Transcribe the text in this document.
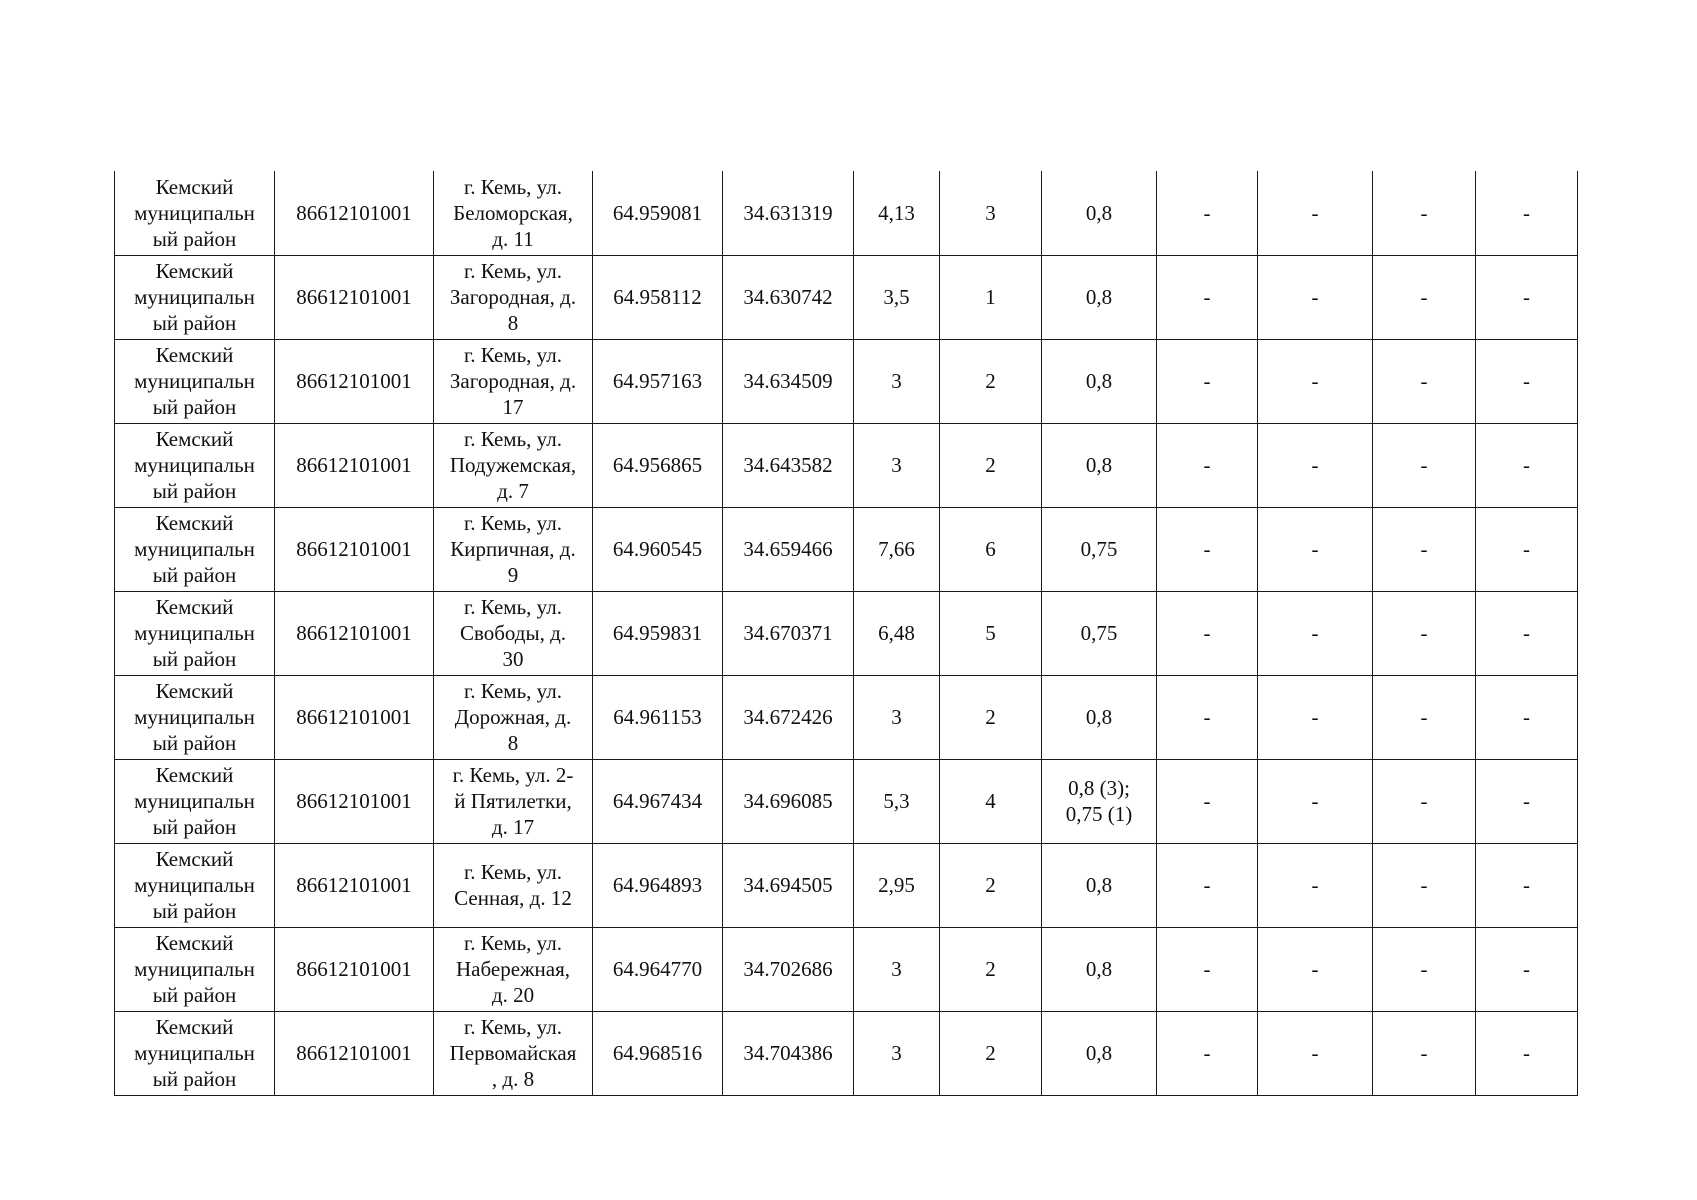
Кемский
муниципальн
ый район	86612101001	г. Кемь, ул.
Беломорская,
д. 11	64.959081	34.631319	4,13	3	0,8	-	-	-	-

Кемский
муниципальн
ый район	86612101001	г. Кемь, ул.
Загородная, д.
8	64.958112	34.630742	3,5	1	0,8	-	-	-	-

Кемский
муниципальн
ый район	86612101001	г. Кемь, ул.
Загородная, д.
17	64.957163	34.634509	3	2	0,8	-	-	-	-

Кемский
муниципальн
ый район	86612101001	г. Кемь, ул.
Подужемская,
д. 7	64.956865	34.643582	3	2	0,8	-	-	-	-

Кемский
муниципальн
ый район	86612101001	г. Кемь, ул.
Кирпичная, д.
9	64.960545	34.659466	7,66	6	0,75	-	-	-	-

Кемский
муниципальн
ый район	86612101001	г. Кемь, ул.
Свободы, д.
30	64.959831	34.670371	6,48	5	0,75	-	-	-	-

Кемский
муниципальн
ый район	86612101001	г. Кемь, ул.
Дорожная, д.
8	64.961153	34.672426	3	2	0,8	-	-	-	-

Кемский
муниципальн
ый район	86612101001	г. Кемь, ул. 2-
й Пятилетки,
д. 17	64.967434	34.696085	5,3	4	0,8 (3);
0,75 (1)	-	-	-	-

Кемский
муниципальн
ый район	86612101001	г. Кемь, ул.
Сенная, д. 12	64.964893	34.694505	2,95	2	0,8	-	-	-	-

Кемский
муниципальн
ый район	86612101001	г. Кемь, ул.
Набережная,
д. 20	64.964770	34.702686	3	2	0,8	-	-	-	-

Кемский
муниципальн
ый район	86612101001	г. Кемь, ул.
Первомайская
, д. 8	64.968516	34.704386	3	2	0,8	-	-	-	-
